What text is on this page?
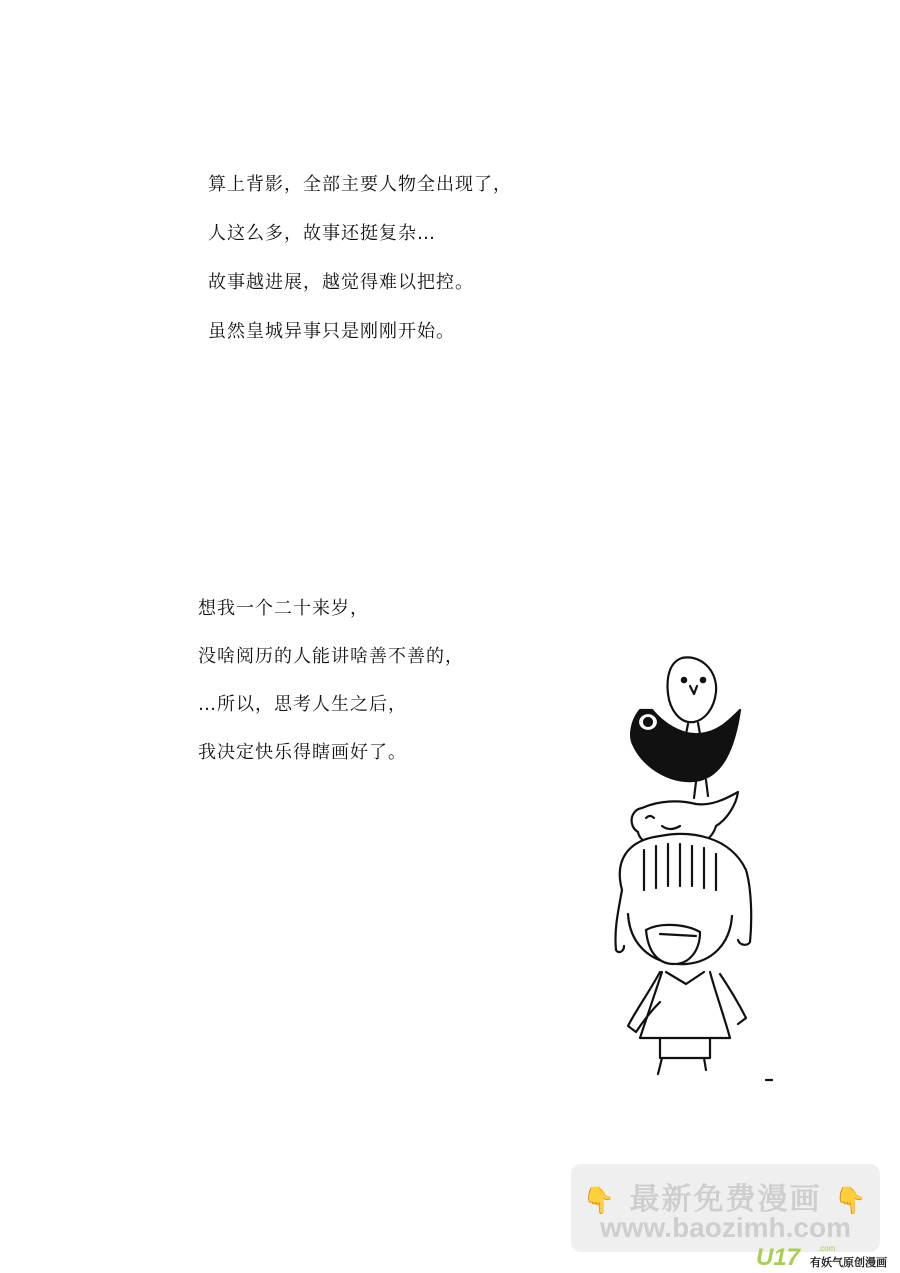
算上背影，全部主要人物全出现了，
人这么多，故事还挺复杂…
故事越进展，越觉得难以把控。
虽然皇城异事只是刚刚开始。
想我一个二十来岁，
没啥阅历的人能讲啥善不善的，
…所以，思考人生之后，
我决定快乐得瞎画好了。
👇 最新免费漫画 👇
www.baozimh.com
U17 .com
有妖气原创漫画
